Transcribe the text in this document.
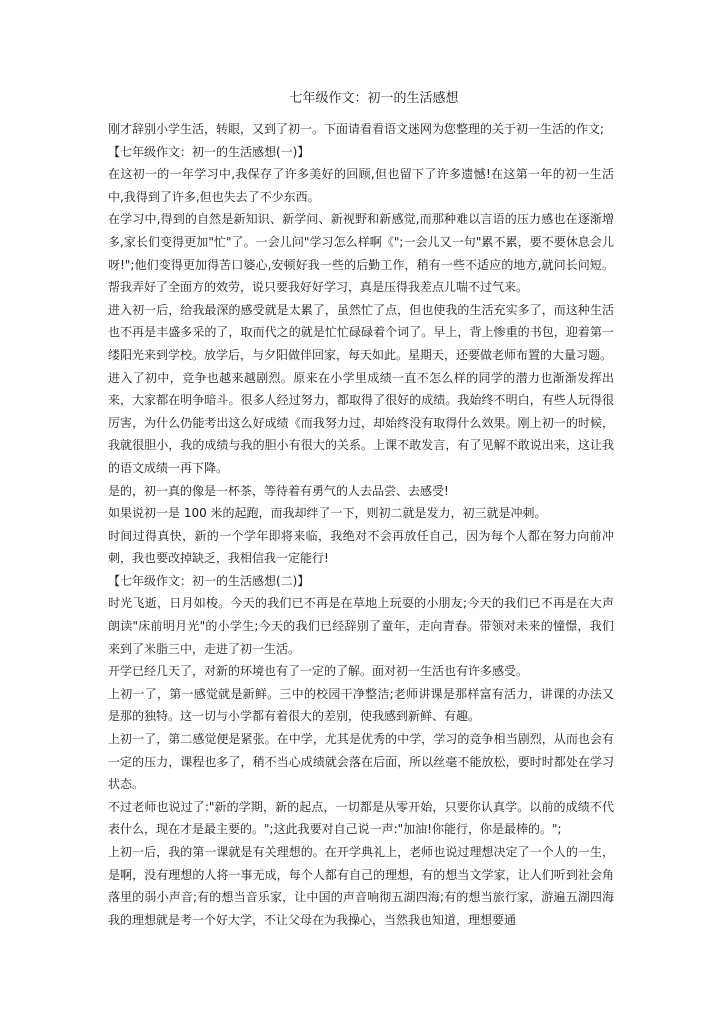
七年级作文：初一的生活感想

刚才辞别小学生活，转眼，又到了初一。下面请看看语文迷网为您整理的关于初一生活的作文;

【七年级作文：初一的生活感想(一)】

在这初一的一年学习中,我保存了许多美好的回顾,但也留下了许多遗憾!在这第一年的初一生活中,我得到了许多,但也失去了不少东西。

在学习中,得到的自然是新知识、新学问、新视野和新感觉,而那种难以言语的压力感也在逐渐增多,家长们变得更加"忙"了。一会儿问"学习怎么样啊《";一会儿又一句"累不累，要不要休息会儿呀!";他们变得更加得苦口婆心,安顿好我一些的后勤工作，稍有一些不适应的地方,就问长问短。帮我弄好了全面方的效劳，说只要我好好学习，真是压得我差点儿喘不过气来。

进入初一后，给我最深的感受就是太累了，虽然忙了点，但也使我的生活充实多了，而这种生活也不再是丰盛多采的了，取而代之的就是忙忙碌碌着个词了。早上，背上惨重的书包，迎着第一缕阳光来到学校。放学后，与夕阳做伴回家，每天如此。星期天，还要做老师布置的大量习题。

进入了初中，竞争也越来越剧烈。原来在小学里成绩一直不怎么样的同学的潜力也渐渐发挥出来，大家都在明争暗斗。很多人经过努力，都取得了很好的成绩。我始终不明白，有些人玩得很厉害，为什么仍能考出这么好成绩《而我努力过，却始终没有取得什么效果。刚上初一的时候，我就很胆小，我的成绩与我的胆小有很大的关系。上课不敢发言，有了见解不敢说出来，这让我的语文成绩一再下降。

是的，初一真的像是一杯茶，等待着有勇气的人去品尝、去感受!

如果说初一是 100 米的起跑，而我却绊了一下，则初二就是发力，初三就是冲刺。

时间过得真快，新的一个学年即将来临，我绝对不会再放任自己，因为每个人都在努力向前冲刺，我也要改掉缺乏，我相信我一定能行!

【七年级作文：初一的生活感想(二)】

时光飞逝，日月如梭。今天的我们已不再是在草地上玩耍的小朋友;今天的我们已不再是在大声朗读"床前明月光"的小学生;今天的我们已经辞别了童年，走向青春。带领对未来的憧憬，我们来到了米脂三中，走进了初一生活。

开学已经几天了，对新的环境也有了一定的了解。面对初一生活也有许多感受。

上初一了，第一感觉就是新鲜。三中的校园干净整洁;老师讲课是那样富有活力，讲课的办法又是那的独特。这一切与小学都有着很大的差别，使我感到新鲜、有趣。

上初一了，第二感觉便是紧张。在中学，尤其是优秀的中学，学习的竞争相当剧烈，从而也会有一定的压力，课程也多了，稍不当心成绩就会落在后面，所以丝毫不能放松，要时时都处在学习状态。

不过老师也说过了:"新的学期，新的起点，一切都是从零开始，只要你认真学。以前的成绩不代表什么，现在才是最主要的。";这此我要对自己说一声:"加油!你能行，你是最棒的。";

上初一后，我的第一课就是有关理想的。在开学典礼上，老师也说过理想决定了一个人的一生，是啊，没有理想的人将一事无成，每个人都有自己的理想，有的想当文学家，让人们听到社会角落里的弱小声音;有的想当音乐家，让中国的声音响彻五湖四海;有的想当旅行家，游遍五湖四海我的理想就是考一个好大学，不让父母在为我操心，当然我也知道，理想要通
